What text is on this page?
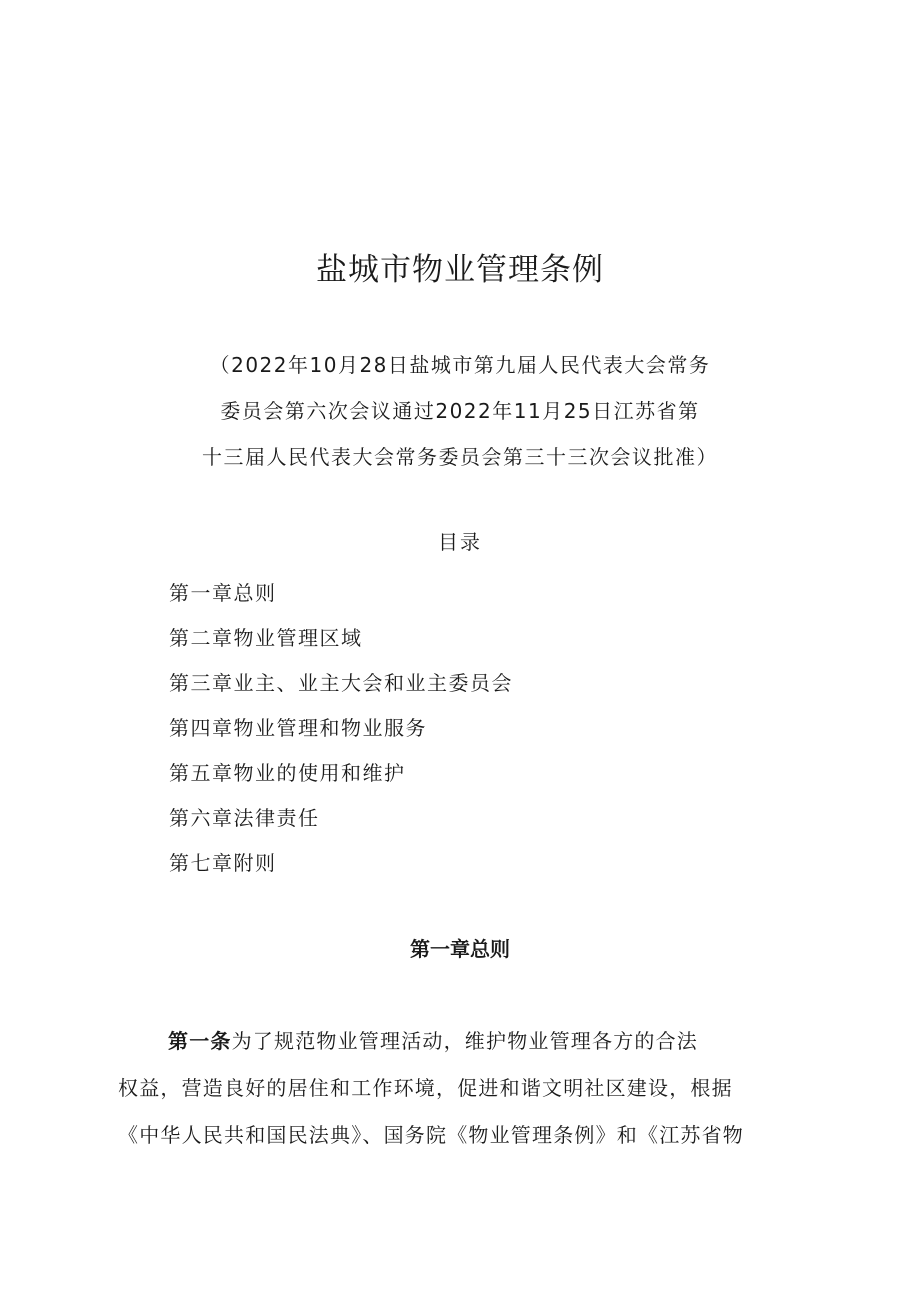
盐城市物业管理条例
（2022年10月28日盐城市第九届人民代表大会常务
委员会第六次会议通过2022年11月25日江苏省第
十三届人民代表大会常务委员会第三十三次会议批准）
目录
第一章总则
第二章物业管理区域
第三章业主、业主大会和业主委员会
第四章物业管理和物业服务
第五章物业的使用和维护
第六章法律责任
第七章附则
第一章总则
第一条为了规范物业管理活动，维护物业管理各方的合法
权益，营造良好的居住和工作环境，促进和谐文明社区建设，根据
《中华人民共和国民法典》、国务院《物业管理条例》和《江苏省物
